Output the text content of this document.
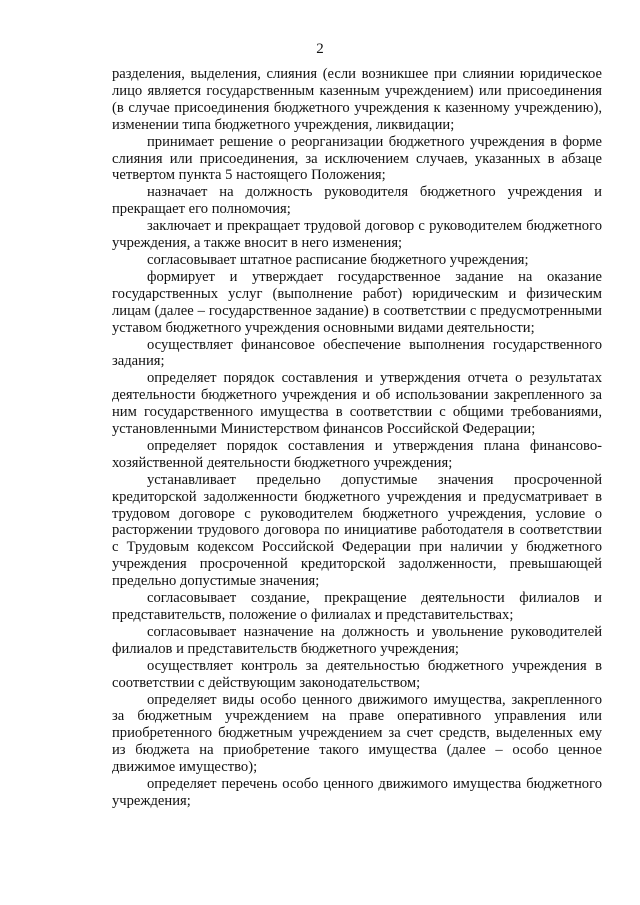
2

разделения, выделения, слияния (если возникшее при слиянии юридическое лицо является государственным казенным учреждением) или присоединения (в случае присоединения бюджетного учреждения к казенному учреждению), изменении типа бюджетного учреждения, ликвидации;

принимает решение о реорганизации бюджетного учреждения в форме слияния или присоединения, за исключением случаев, указанных в абзаце четвертом пункта 5 настоящего Положения;

назначает на должность руководителя бюджетного учреждения и прекращает его полномочия;

заключает и прекращает трудовой договор с руководителем бюджетного учреждения, а также вносит в него изменения;

согласовывает штатное расписание бюджетного учреждения;

формирует и утверждает государственное задание на оказание государственных услуг (выполнение работ) юридическим и физическим лицам (далее – государственное задание) в соответствии с предусмотренными уставом бюджетного учреждения основными видами деятельности;

осуществляет финансовое обеспечение выполнения государственного задания;

определяет порядок составления и утверждения отчета о результатах деятельности бюджетного учреждения и об использовании закрепленного за ним государственного имущества в соответствии с общими требованиями, установленными Министерством финансов Российской Федерации;

определяет порядок составления и утверждения плана финансово-хозяйственной деятельности бюджетного учреждения;

устанавливает предельно допустимые значения просроченной кредиторской задолженности бюджетного учреждения и предусматривает в трудовом договоре с руководителем бюджетного учреждения, условие о расторжении трудового договора по инициативе работодателя в соответствии с Трудовым кодексом Российской Федерации при наличии у бюджетного учреждения просроченной кредиторской задолженности, превышающей предельно допустимые значения;

согласовывает создание, прекращение деятельности филиалов и представительств, положение о филиалах и представительствах;

согласовывает назначение на должность и увольнение руководителей филиалов и представительств бюджетного учреждения;

осуществляет контроль за деятельностью бюджетного учреждения в соответствии с действующим законодательством;

определяет виды особо ценного движимого имущества, закрепленного за бюджетным учреждением на праве оперативного управления или приобретенного бюджетным учреждением за счет средств, выделенных ему из бюджета на приобретение такого имущества (далее – особо ценное движимое имущество);

определяет перечень особо ценного движимого имущества бюджетного учреждения;
